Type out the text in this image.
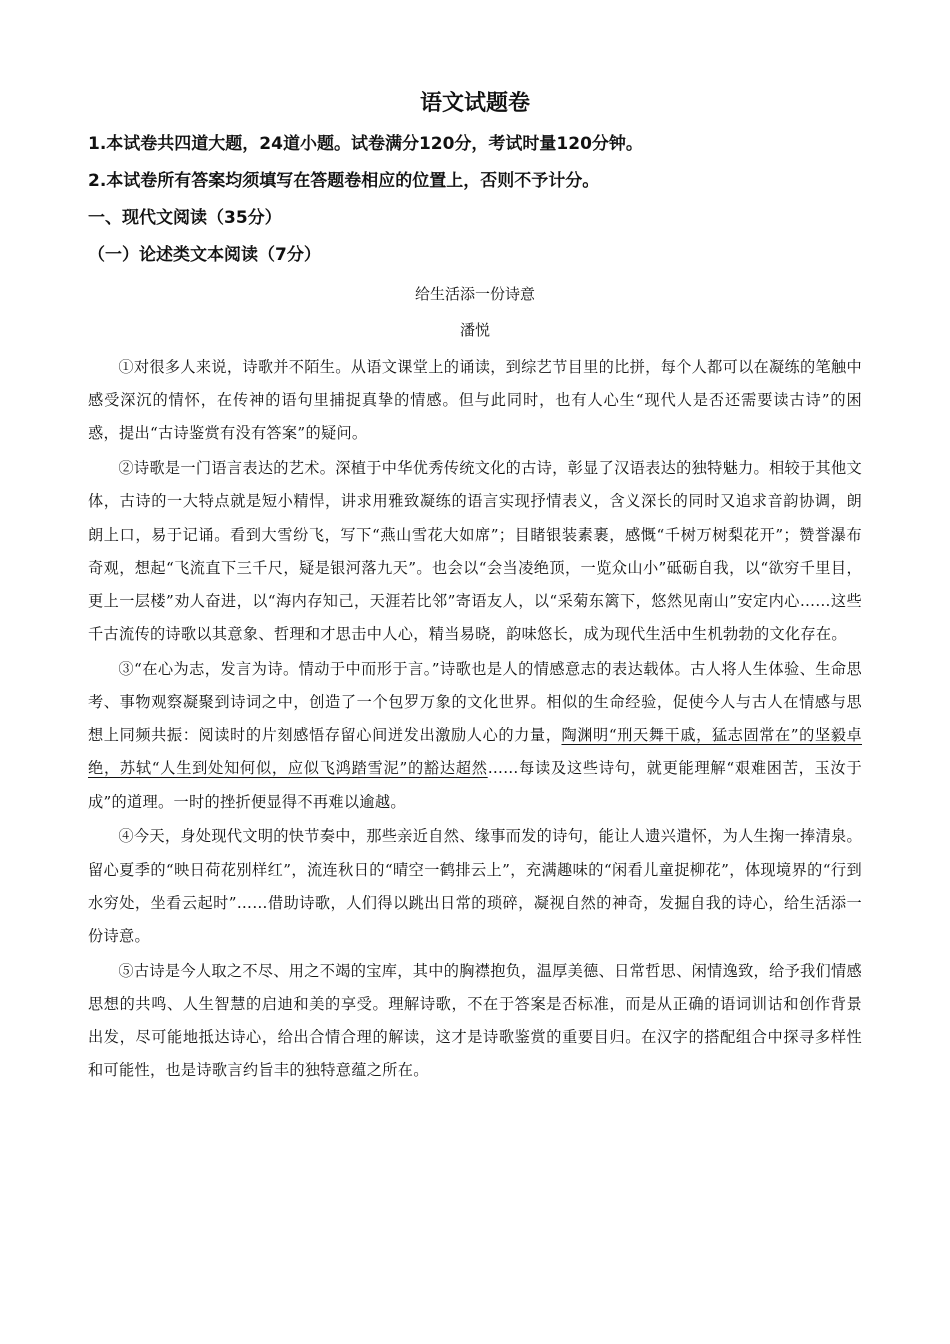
语文试题卷
1.本试卷共四道大题，24道小题。试卷满分120分，考试时量120分钟。
2.本试卷所有答案均须填写在答题卷相应的位置上，否则不予计分。
一、现代文阅读（35分）
（一）论述类文本阅读（7分）
给生活添一份诗意
潘悦

①对很多人来说，诗歌并不陌生。从语文课堂上的诵读，到综艺节目里的比拼，每个人都可以在凝练的笔触中感受深沉的情怀，在传神的语句里捕捉真挚的情感。但与此同时，也有人心生“现代人是否还需要读古诗”的困惑，提出“古诗鉴赏有没有答案”的疑问。

②诗歌是一门语言表达的艺术。深植于中华优秀传统文化的古诗，彰显了汉语表达的独特魅力。相较于其他文体，古诗的一大特点就是短小精悍，讲求用雅致凝练的语言实现抒情表义，含义深长的同时又追求音韵协调，朗朗上口，易于记诵。看到大雪纷飞，写下“燕山雪花大如席”；目睹银装素裹，感慨“千树万树梨花开”；赞誉瀑布奇观，想起“飞流直下三千尺，疑是银河落九天”。也会以“会当凌绝顶，一览众山小”砥砺自我，以“欲穷千里目，更上一层楼”劝人奋进，以“海内存知己，天涯若比邻”寄语友人，以“采菊东篱下，悠然见南山”安定内心……这些千古流传的诗歌以其意象、哲理和才思击中人心，精当易晓，韵味悠长，成为现代生活中生机勃勃的文化存在。

③“在心为志，发言为诗。情动于中而形于言。”诗歌也是人的情感意志的表达载体。古人将人生体验、生命思考、事物观察凝聚到诗词之中，创造了一个包罗万象的文化世界。相似的生命经验，促使今人与古人在情感与思想上同频共振：阅读时的片刻感悟存留心间迸发出激励人心的力量，陶渊明“刑天舞干戚，猛志固常在”的坚毅卓绝，苏轼“人生到处知何似，应似飞鸿踏雪泥”的豁达超然……每读及这些诗句，就更能理解“艰难困苦，玉汝于成”的道理。一时的挫折便显得不再难以逾越。

④今天，身处现代文明的快节奏中，那些亲近自然、缘事而发的诗句，能让人遗兴遣怀，为人生掬一捧清泉。留心夏季的“映日荷花别样红”，流连秋日的“晴空一鹤排云上”，充满趣味的“闲看儿童捉柳花”，体现境界的“行到水穷处，坐看云起时”……借助诗歌，人们得以跳出日常的琐碎，凝视自然的神奇，发掘自我的诗心，给生活添一份诗意。

⑤古诗是今人取之不尽、用之不竭的宝库，其中的胸襟抱负，温厚美德、日常哲思、闲情逸致，给予我们情感思想的共鸣、人生智慧的启迪和美的享受。理解诗歌，不在于答案是否标准，而是从正确的语词训诂和创作背景出发，尽可能地抵达诗心，给出合情合理的解读，这才是诗歌鉴赏的重要目归。在汉字的搭配组合中探寻多样性和可能性，也是诗歌言约旨丰的独特意蕴之所在。
